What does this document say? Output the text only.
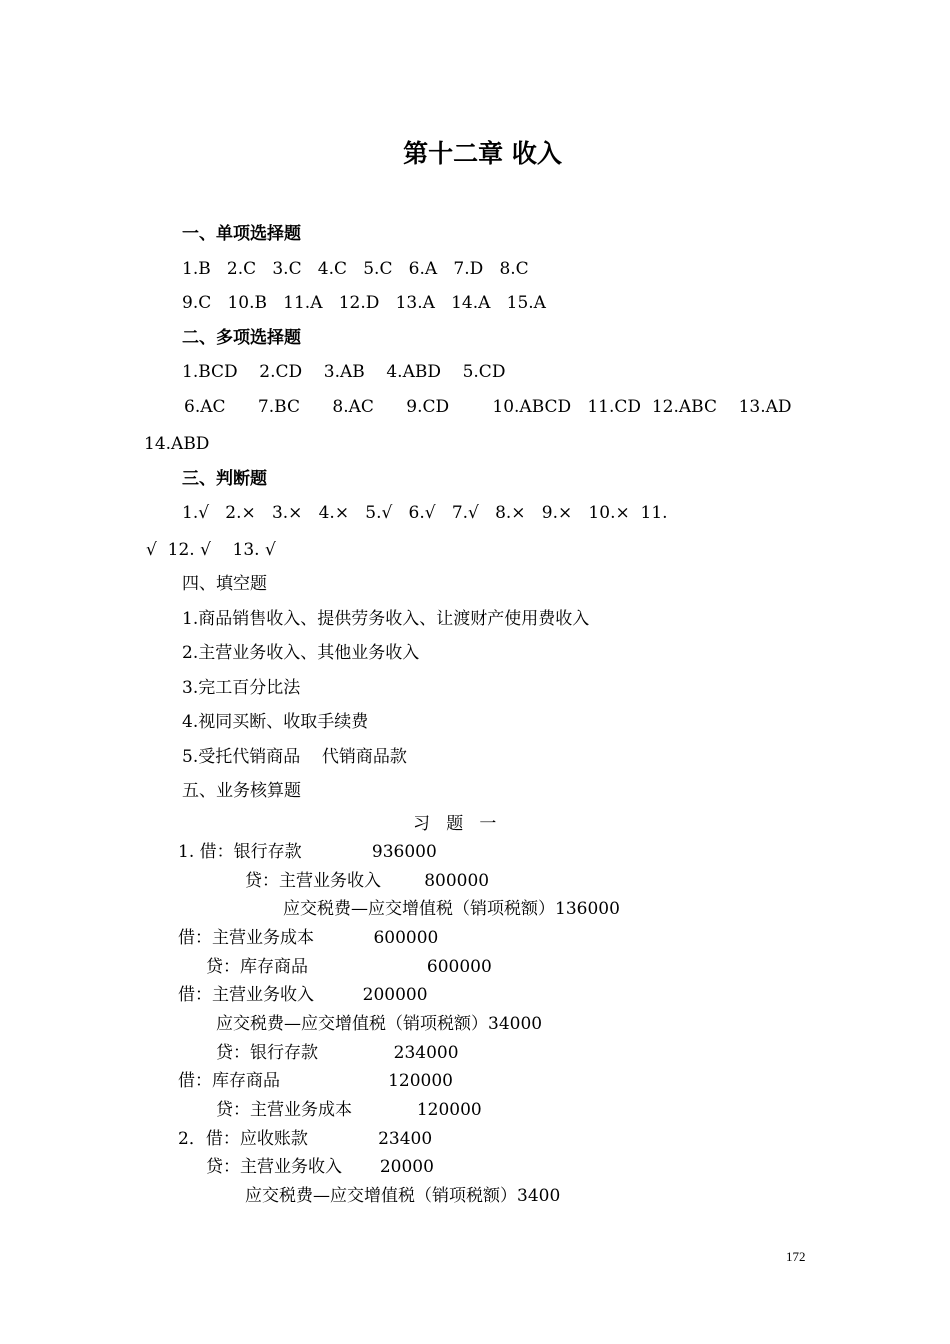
第十二章 收入
一、单项选择题
1.B   2.C   3.C   4.C   5.C   6.A   7.D   8.C
9.C   10.B   11.A   12.D   13.A   14.A   15.A
二、多项选择题
1.BCD    2.CD    3.AB    4.ABD    5.CD
6.AC      7.BC      8.AC      9.CD        10.ABCD   11.CD  12.ABC    13.AD
14.ABD
三、判断题
1.√   2.×   3.×   4.×   5.√   6.√   7.√   8.×   9.×   10.×  11.
√  12. √    13. √
四、填空题
1.商品销售收入、提供劳务收入、让渡财产使用费收入
2.主营业务收入、其他业务收入
3.完工百分比法
4.视同买断、收取手续费
5.受托代销商品    代销商品款
五、业务核算题
习   题   一
1. 借：银行存款             936000
贷：主营业务收入        800000
应交税费—应交增值税（销项税额）136000
借：主营业务成本           600000
贷：库存商品                      600000
借：主营业务收入         200000
应交税费—应交增值税（销项税额）34000
贷：银行存款              234000
借：库存商品                    120000
贷：主营业务成本            120000
2．借：应收账款             23400
贷：主营业务收入       20000
应交税费—应交增值税（销项税额）3400
172
